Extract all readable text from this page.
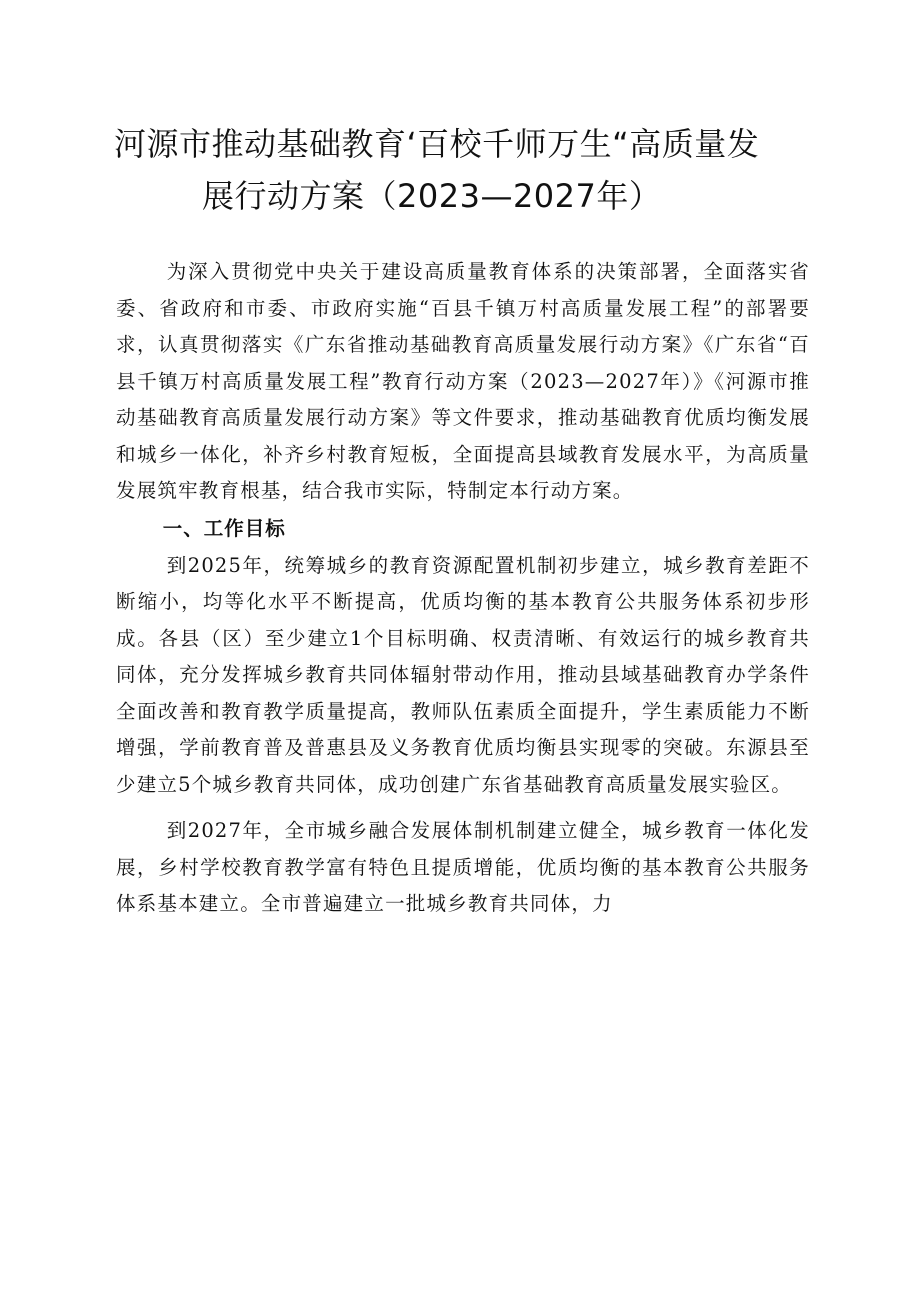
河源市推动基础教育‘百校千师万生“高质量发
展行动方案（2023—2027年）

为深入贯彻党中央关于建设高质量教育体系的决策部署，全面落实省委、省政府和市委、市政府实施“百县千镇万村高质量发展工程”的部署要求，认真贯彻落实《广东省推动基础教育高质量发展行动方案》《广东省“百县千镇万村高质量发展工程”教育行动方案（2023—2027年）》《河源市推动基础教育高质量发展行动方案》等文件要求，推动基础教育优质均衡发展和城乡一体化，补齐乡村教育短板，全面提高县域教育发展水平，为高质量发展筑牢教育根基，结合我市实际，特制定本行动方案。

一、工作目标

到2025年，统筹城乡的教育资源配置机制初步建立，城乡教育差距不断缩小，均等化水平不断提高，优质均衡的基本教育公共服务体系初步形成。各县（区）至少建立1个目标明确、权责清晰、有效运行的城乡教育共同体，充分发挥城乡教育共同体辐射带动作用，推动县域基础教育办学条件全面改善和教育教学质量提高，教师队伍素质全面提升，学生素质能力不断增强，学前教育普及普惠县及义务教育优质均衡县实现零的突破。东源县至少建立5个城乡教育共同体，成功创建广东省基础教育高质量发展实验区。

到2027年，全市城乡融合发展体制机制建立健全，城乡教育一体化发展，乡村学校教育教学富有特色且提质增能，优质均衡的基本教育公共服务体系基本建立。全市普遍建立一批城乡教育共同体，力
